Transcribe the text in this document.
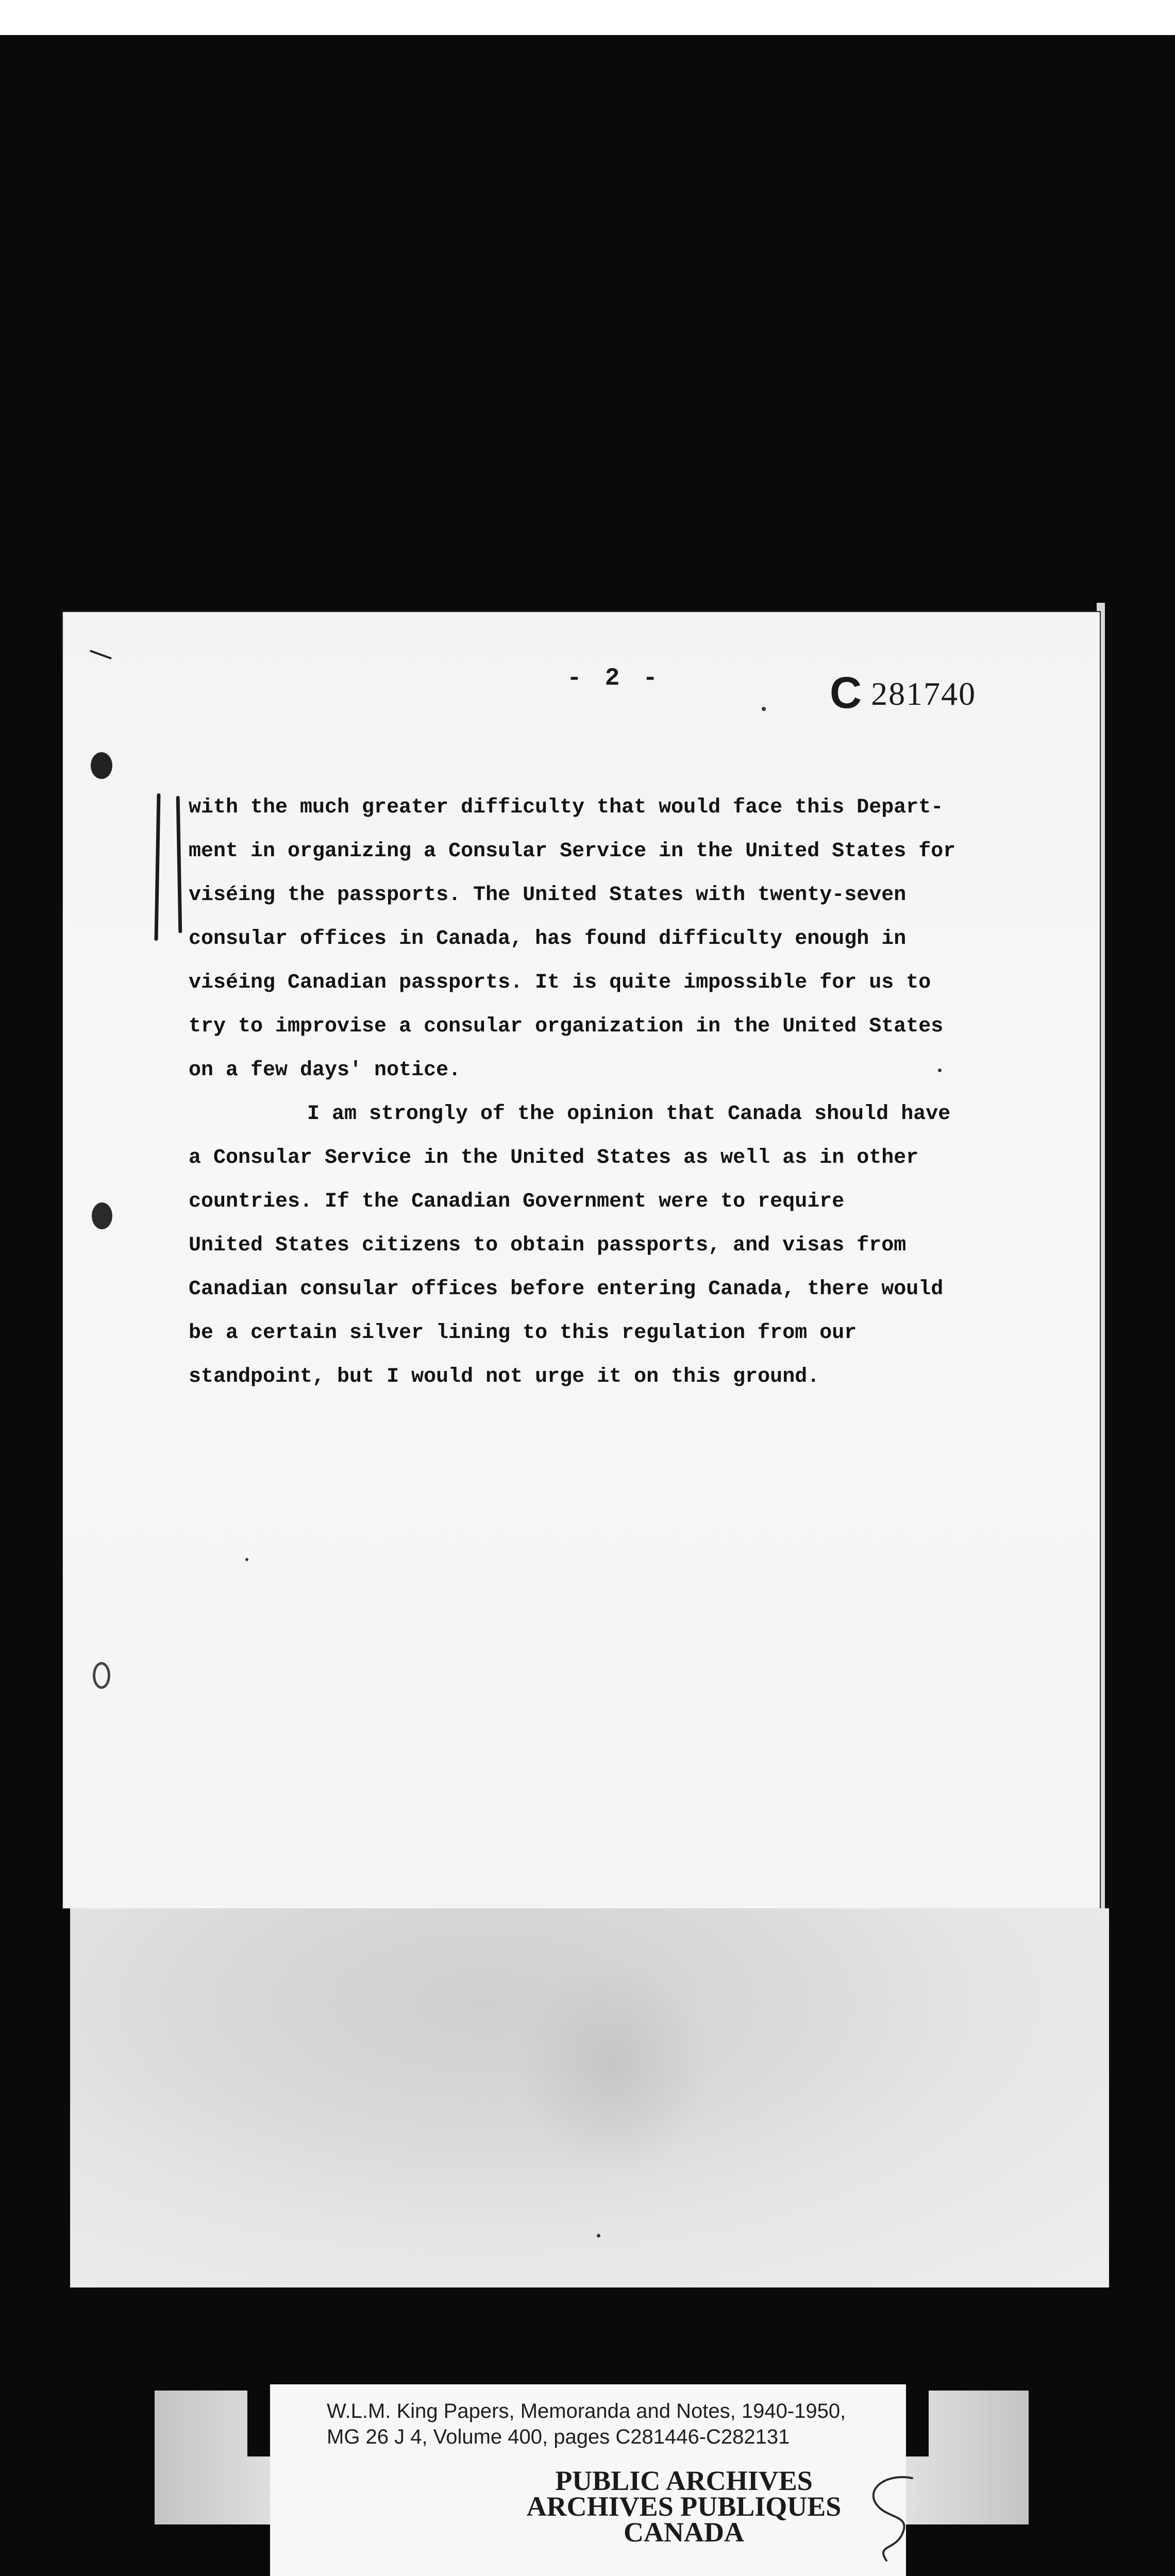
- 2 -	C 281740
with the much greater difficulty that would face this Depart-
ment in organizing a Consular Service in the United States for
viséing the passports. The United States with twenty-seven
consular offices in Canada, has found difficulty enough in
viséing Canadian passports. It is quite impossible for us to
try to improvise a consular organization in the United States
on a few days' notice.
I am strongly of the opinion that Canada should have
a Consular Service in the United States as well as in other
countries. If the Canadian Government were to require
United States citizens to obtain passports, and visas from
Canadian consular offices before entering Canada, there would
be a certain silver lining to this regulation from our
standpoint, but I would not urge it on this ground.
W.L.M. King Papers, Memoranda and Notes, 1940-1950,
MG 26 J 4, Volume 400, pages C281446-C282131
PUBLIC ARCHIVES
ARCHIVES PUBLIQUES
CANADA
